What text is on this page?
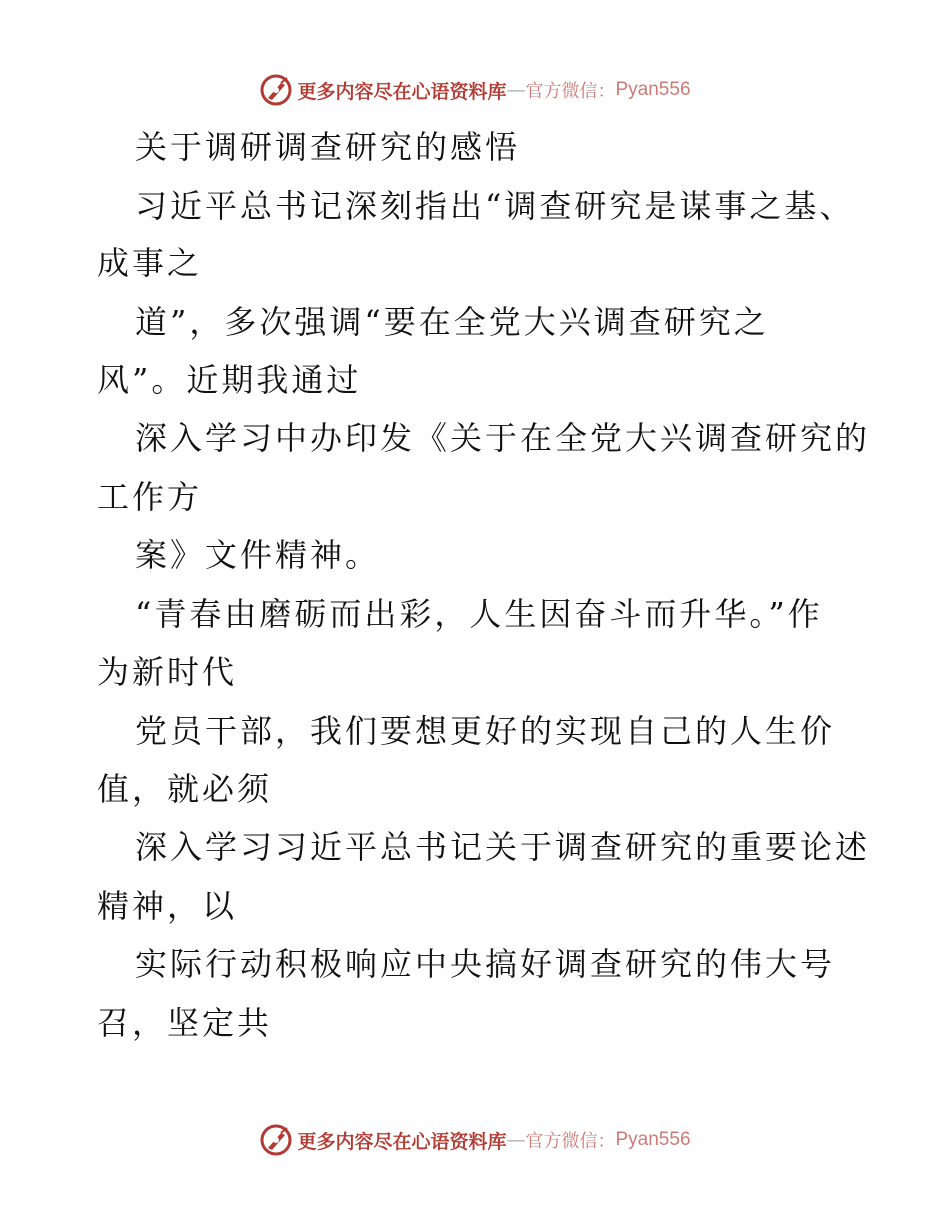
更多内容尽在心语资料库 — 官方微信： Pyan556
关于调研调查研究的感悟
习近平总书记深刻指出“调查研究是谋事之基、
成事之
道”，多次强调“要在全党大兴调查研究之
风”。近期我通过
深入学习中办印发《关于在全党大兴调查研究的
工作方
案》文件精神。
“青春由磨砺而出彩，人生因奋斗而升华。”作
为新时代
党员干部，我们要想更好的实现自己的人生价
值，就必须
深入学习习近平总书记关于调查研究的重要论述
精神，以
实际行动积极响应中央搞好调查研究的伟大号
召，坚定共
更多内容尽在心语资料库 — 官方微信： Pyan556
